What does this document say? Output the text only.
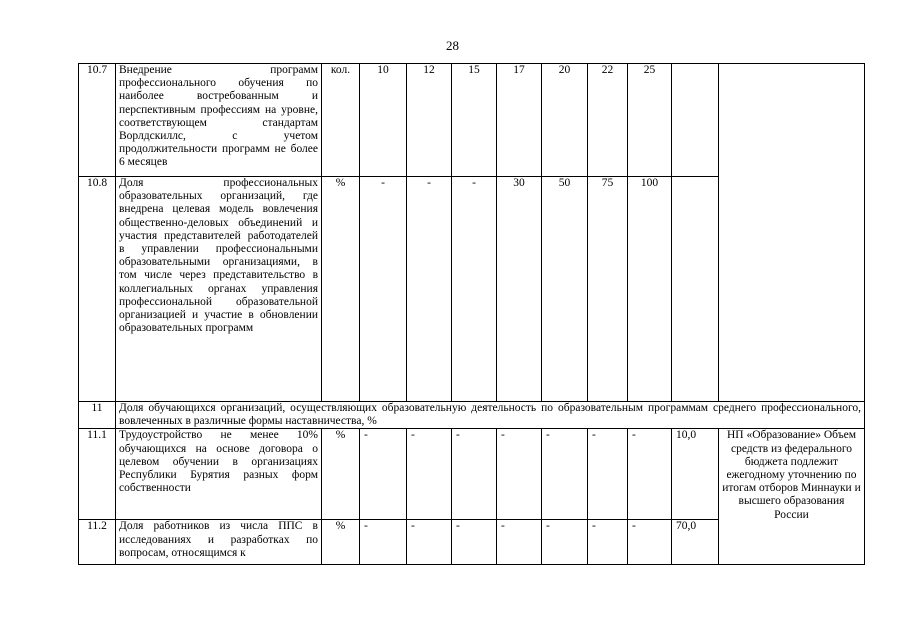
28
10.7	Внедрение программ профессионального обучения по наиболее востребованным и перспективным профессиям на уровне, соответствующем стандартам Ворлдскиллс, с учетом продолжительности программ не более 6 месяцев	кол.	10	12	15	17	20	22	25		
10.8	Доля профессиональных образовательных организаций, где внедрена целевая модель вовлечения общественно-деловых объединений и участия представителей работодателей в управлении профессиональными образовательными организациями, в том числе через представительство в коллегиальных органах управления профессиональной образовательной организацией и участие в обновлении образовательных программ	%	-	-	-	30	50	75	100		
11	Доля обучающихся организаций, осуществляющих образовательную деятельность по образовательным программам среднего профессионального, вовлеченных в различные формы наставничества, %										
11.1	Трудоустройство не менее 10% обучающихся на основе договора о целевом обучении в организациях Республики Бурятия разных форм собственности	%	-	-	-	-	-	-	-	10,0	НП «Образование» Объем средств из федерального бюджета подлежит ежегодному уточнению по итогам отборов Миннауки и высшего образования России
11.2	Доля работников из числа ППС в исследованиях и разработках по вопросам, относящимся к	%	-	-	-	-	-	-	-	70,0	
